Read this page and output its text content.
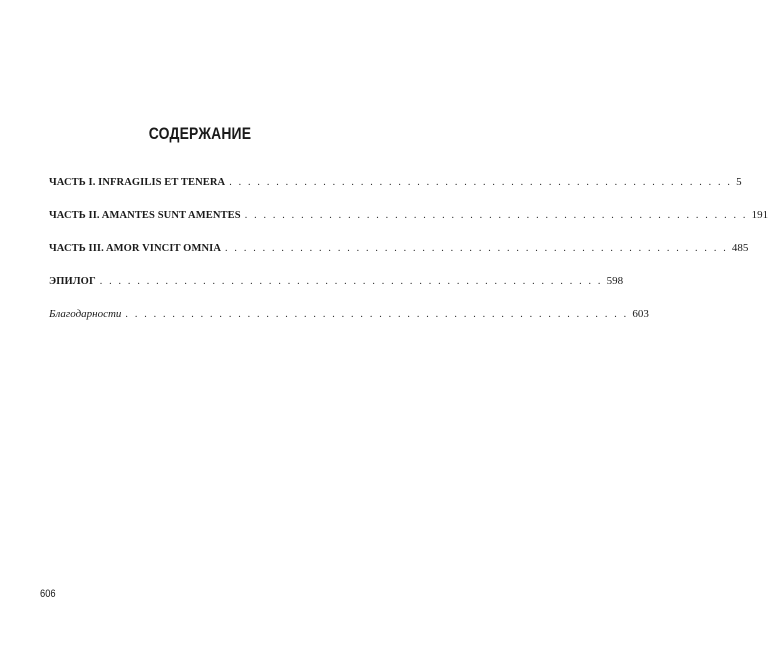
СОДЕРЖАНИЕ
ЧАСТЬ I. INFRAGILIS ET TENERA . . . . . . . . . . . . . . . . . . . . . . . . . . . . . . . . . . . . . . . . . . . . . . . . . . . . . . 5
ЧАСТЬ II. AMANTES SUNT AMENTES . . . . . . . . . . . . . . . . . . . . . . . . . . . . . . . . . . . . . . . . . . . . . . . . . . . . . . 191
ЧАСТЬ III. AMOR VINCIT OMNIA . . . . . . . . . . . . . . . . . . . . . . . . . . . . . . . . . . . . . . . . . . . . . . . . . . . . . . 485
ЭПИЛОГ . . . . . . . . . . . . . . . . . . . . . . . . . . . . . . . . . . . . . . . . . . . . . . . . . . . . . . 598
Благодарности . . . . . . . . . . . . . . . . . . . . . . . . . . . . . . . . . . . . . . . . . . . . . . . . . . . . . . 603
606
